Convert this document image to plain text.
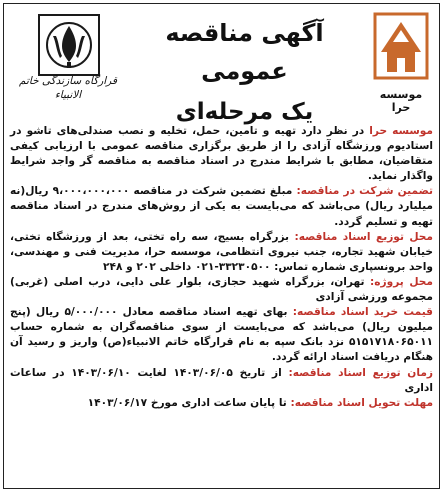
قرارگاه سازندگی خاتم الانبیاء
آگهی مناقصه عمومی
یک مرحله‌ای
موسسه حرا

موسسه حرا در نظر دارد تهیه و تامین، حمل، تخلیه و نصب صندلی‌های تاشو در استادیوم ورزشگاه آزادی را از طریق برگزاری مناقصه عمومی با ارزیابی کیفی متقاضیان، مطابق با شرایط مندرج در اسناد مناقصه به مناقصه گر واجد شرایط واگذار نماید.

تضمین شرکت در مناقصه: مبلغ تضمین شرکت در مناقصه ۹،۰۰۰،۰۰۰،۰۰۰ ریال(نه میلیارد ریال) می‌باشد که می‌بایست به یکی از روش‌های مندرج در اسناد مناقصه تهیه و تسلیم گردد.

محل توزیع اسناد مناقصه: بزرگراه بسیج، سه راه تختی، بعد از ورزشگاه تختی، خیابان شهید تجاره، جنب نیروی انتظامی، موسسه حرا، مدیریت فنی و مهندسی، واحد برونسپاری شماره تماس: ۳۳۲۳۰۵۰۰-۰۲۱ داخلی ۲۰۲ و ۲۴۸

محل پروژه: تهران، بزرگراه شهید حجازی، بلوار علی دایی، درب اصلی (غربی) مجموعه ورزشی آزادی

قیمت خرید اسناد مناقصه: بهای تهیه اسناد مناقصه معادل ۵/۰۰۰/۰۰۰ ریال (پنج میلیون ریال) می‌باشد که می‌بایست از سوی مناقصه‌گران به شماره حساب ۵۱۵۱۷۱۸۰۶۵۰۱۱ نزد بانک سپه به نام قرارگاه خاتم الانبیاء(ص) واریز و رسید آن هنگام دریافت اسناد ارائه گردد.

زمان توزیع اسناد مناقصه: از تاریخ ۱۴۰۳/۰۶/۰۵ لغایت ۱۴۰۳/۰۶/۱۰ در ساعات اداری

مهلت تحویل اسناد مناقصه: تا پایان ساعت اداری مورخ ۱۴۰۳/۰۶/۱۷
